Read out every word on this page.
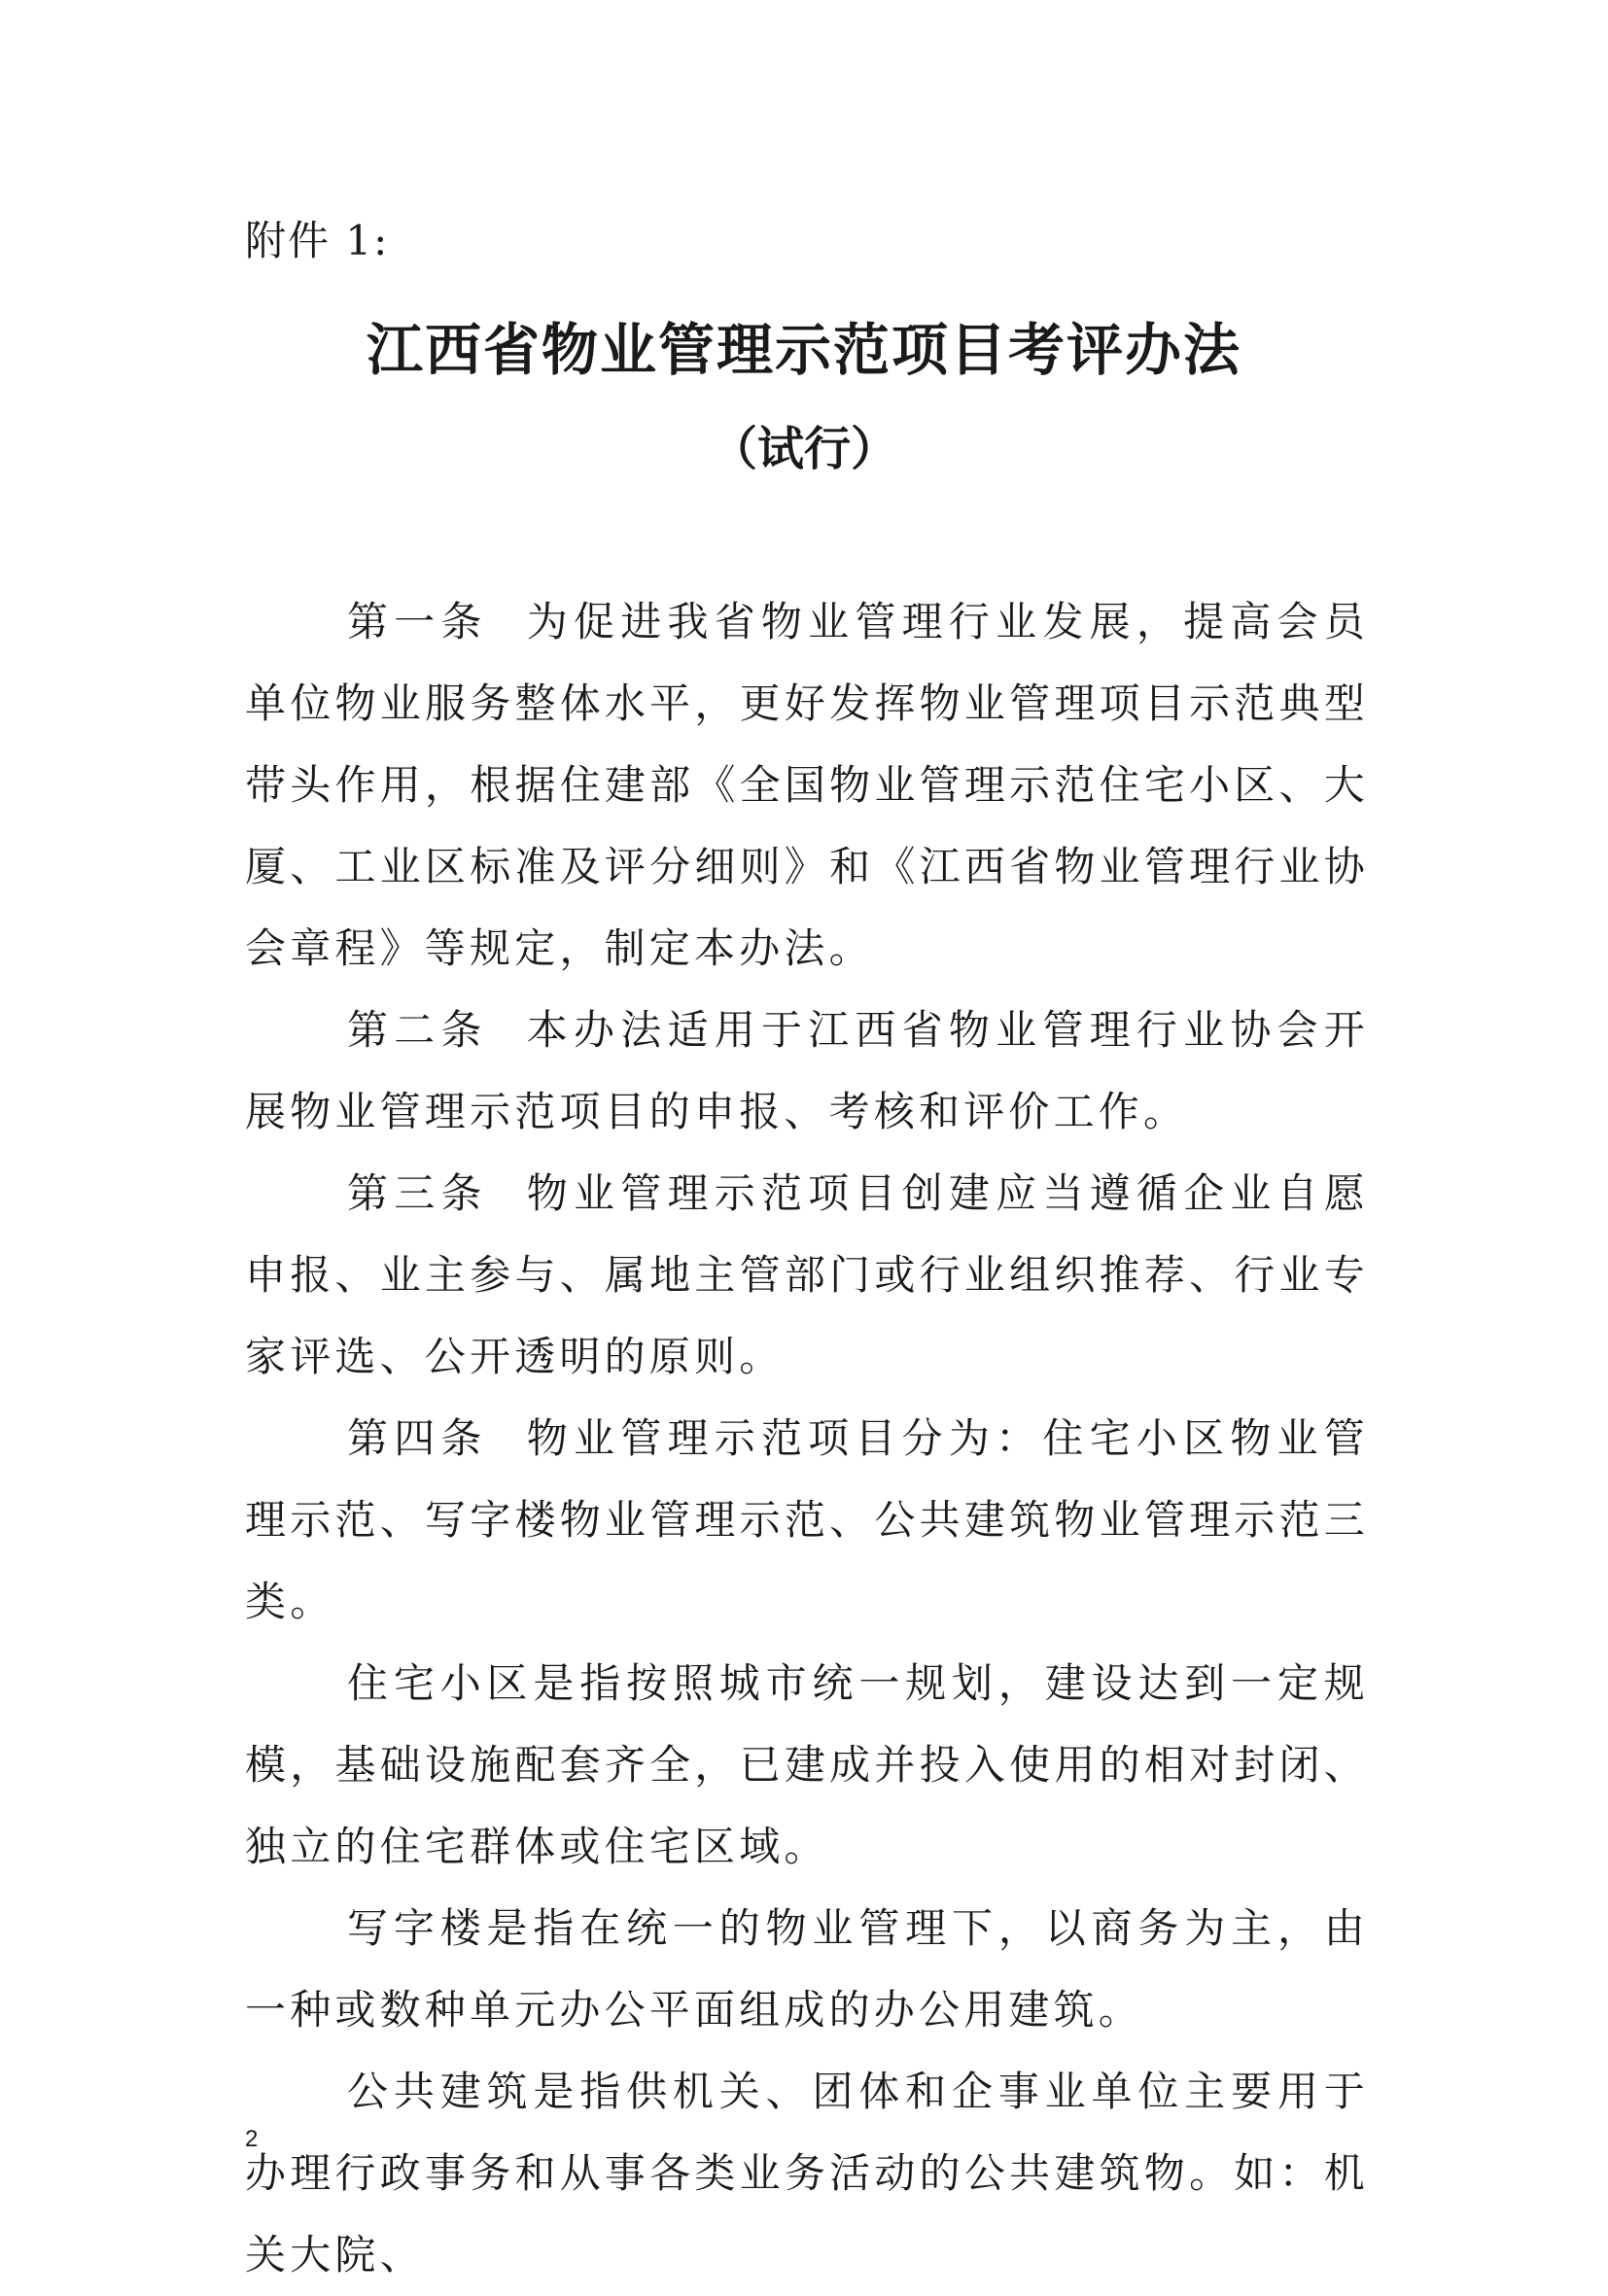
附件 1:
江西省物业管理示范项目考评办法
（试行）

第一条 为促进我省物业管理行业发展，提高会员单位物业服务整体水平，更好发挥物业管理项目示范典型带头作用，根据住建部《全国物业管理示范住宅小区、大厦、工业区标准及评分细则》和《江西省物业管理行业协会章程》等规定，制定本办法。

第二条 本办法适用于江西省物业管理行业协会开展物业管理示范项目的申报、考核和评价工作。

第三条 物业管理示范项目创建应当遵循企业自愿申报、业主参与、属地主管部门或行业组织推荐、行业专家评选、公开透明的原则。

第四条 物业管理示范项目分为：住宅小区物业管理示范、写字楼物业管理示范、公共建筑物业管理示范三类。

住宅小区是指按照城市统一规划，建设达到一定规模，基础设施配套齐全，已建成并投入使用的相对封闭、独立的住宅群体或住宅区域。

写字楼是指在统一的物业管理下，以商务为主，由一种或数种单元办公平面组成的办公用建筑。

公共建筑是指供机关、团体和企事业单位主要用于办理行政事务和从事各类业务活动的公共建筑物。如：机关大院、

2
